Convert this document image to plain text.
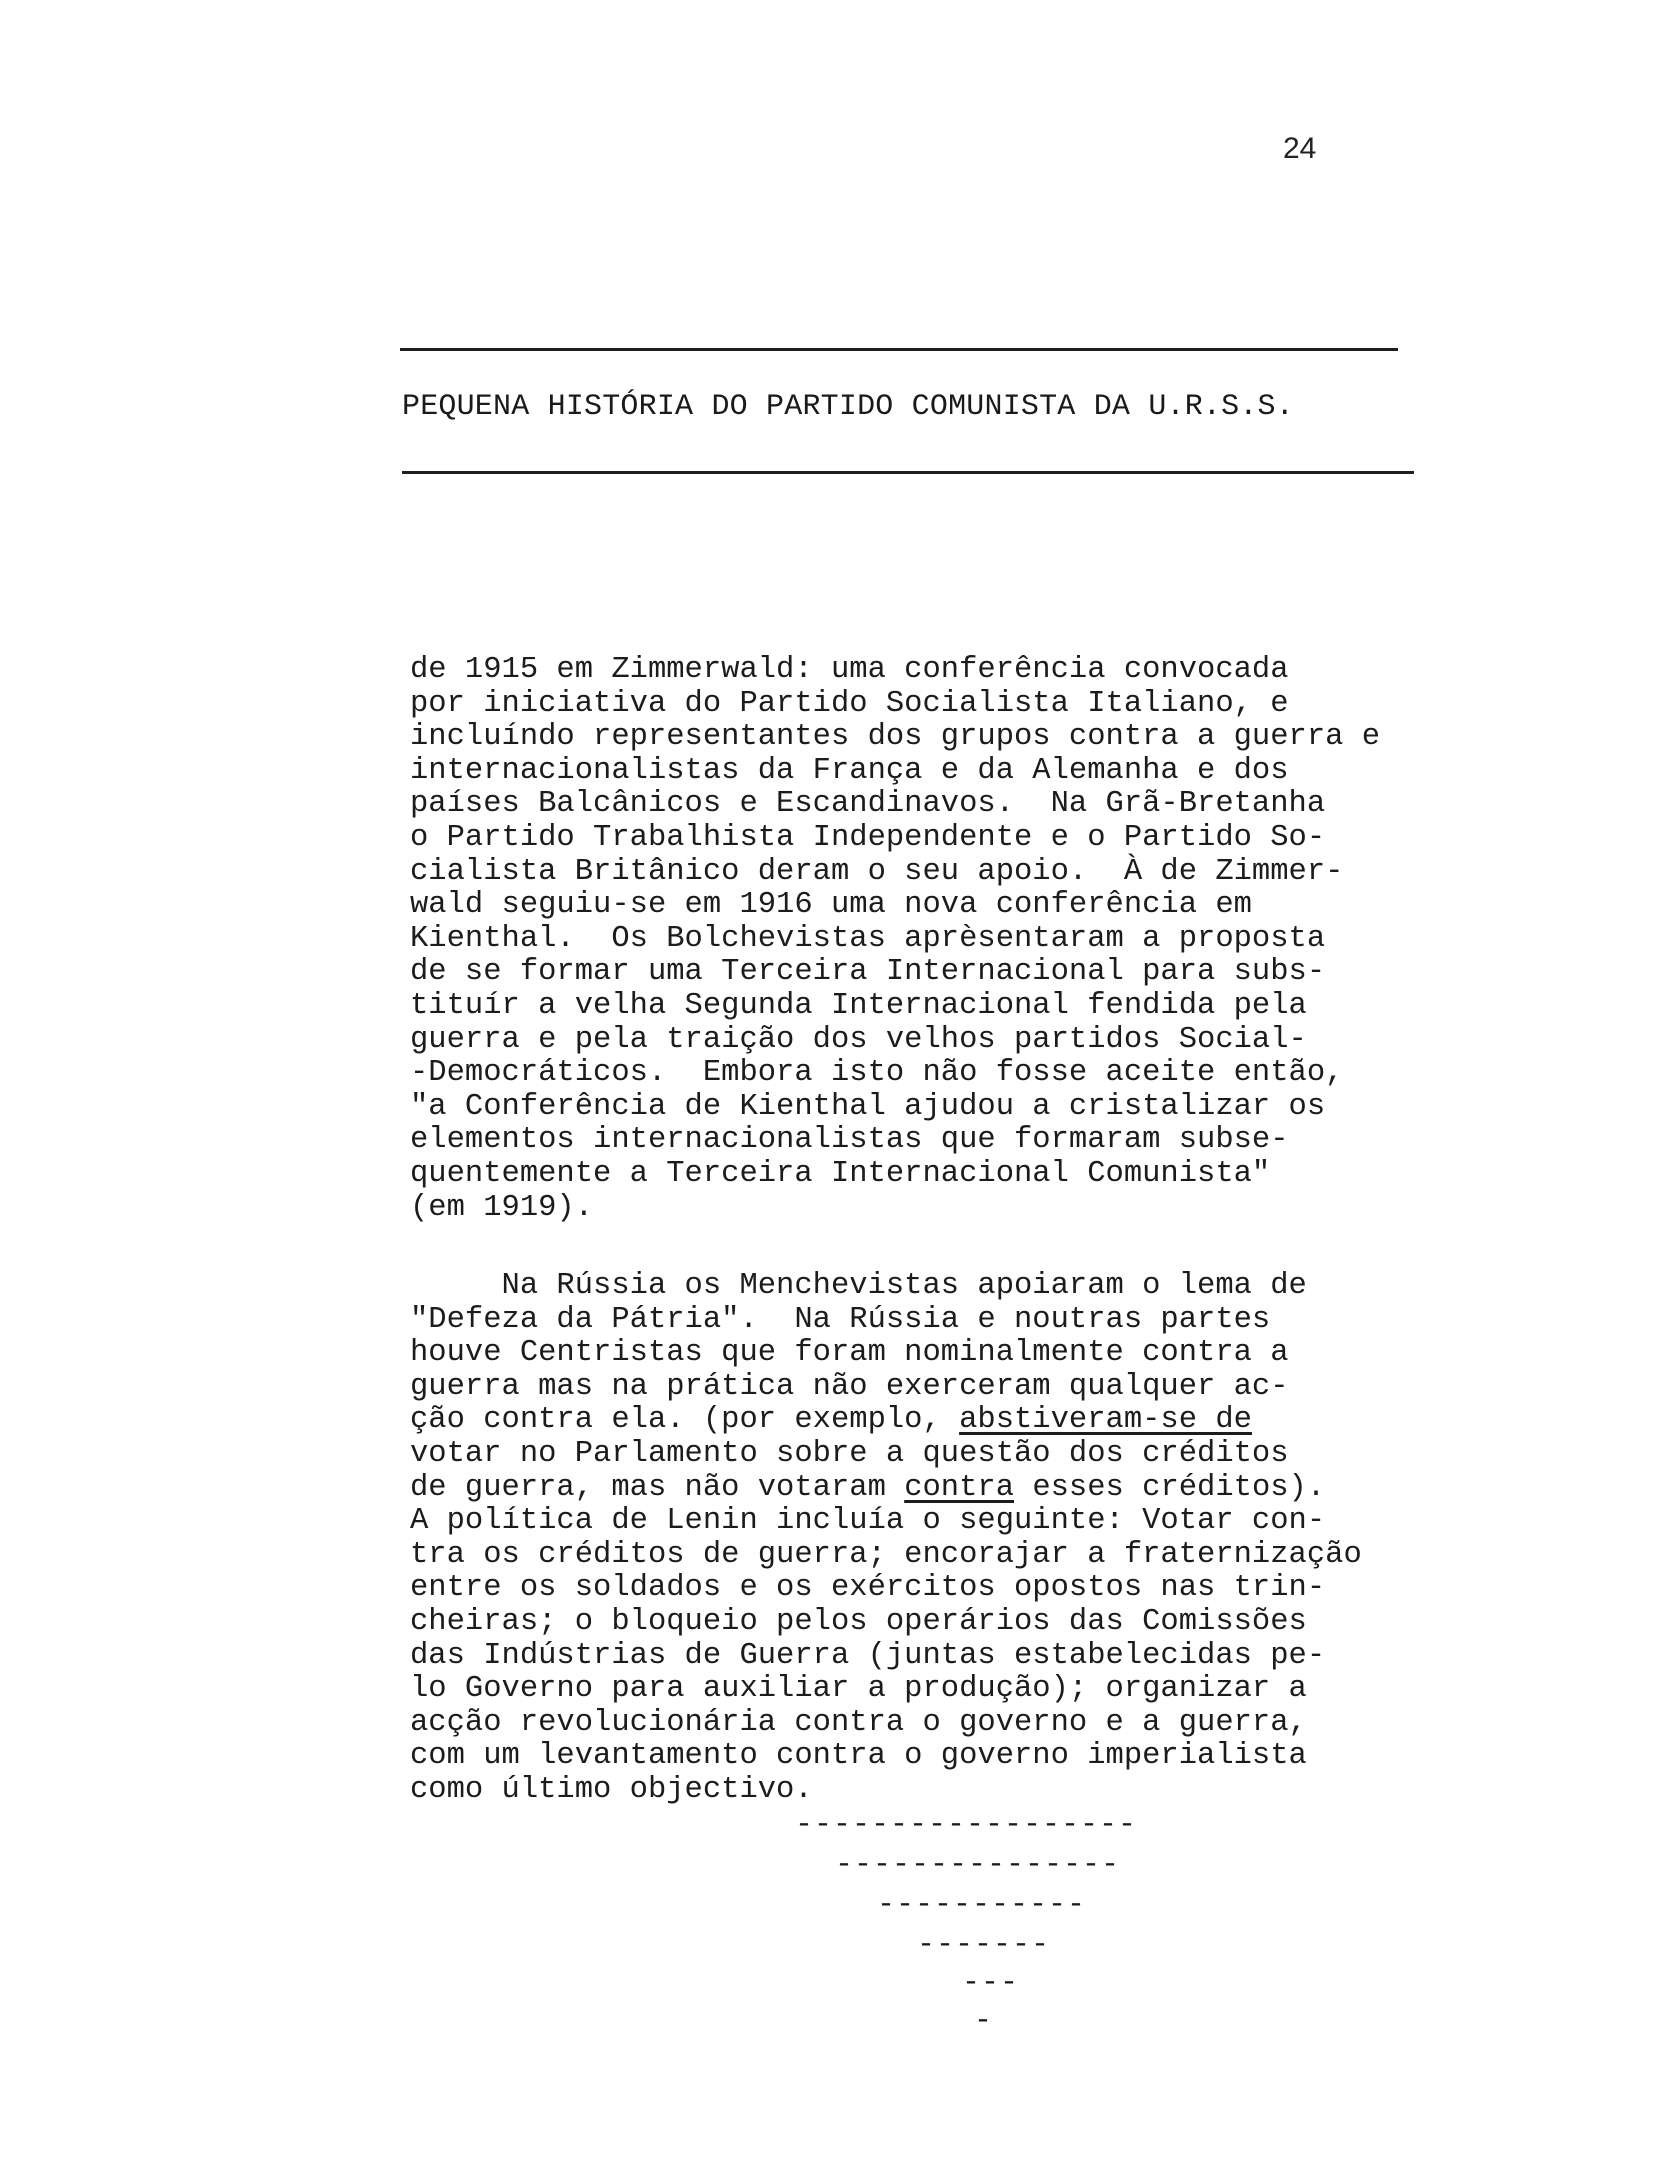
24
PEQUENA HISTÓRIA DO PARTIDO COMUNISTA DA U.R.S.S.
de 1915 em Zimmerwald: uma conferência convocada
por iniciativa do Partido Socialista Italiano, e
incluíndo representantes dos grupos contra a guerra e
internacionalistas da França e da Alemanha e dos
países Balcânicos e Escandinavos.  Na Grã-Bretanha
o Partido Trabalhista Independente e o Partido So-
cialista Britânico deram o seu apoio.  À de Zimmer-
wald seguiu-se em 1916 uma nova conferência em
Kienthal.  Os Bolchevistas aprèsentaram a proposta
de se formar uma Terceira Internacional para subs-
tituír a velha Segunda Internacional fendida pela
guerra e pela traição dos velhos partidos Social-
-Democráticos.  Embora isto não fosse aceite então,
"a Conferência de Kienthal ajudou a cristalizar os
elementos internacionalistas que formaram subse-
quentemente a Terceira Internacional Comunista"
(em 1919).
Na Rússia os Menchevistas apoiaram o lema de
"Defeza da Pátria".  Na Rússia e noutras partes
houve Centristas que foram nominalmente contra a
guerra mas na prática não exerceram qualquer ac-
ção contra ela. (por exemplo, abstiveram-se de
votar no Parlamento sobre a questão dos créditos
de guerra, mas não votaram contra esses créditos).
A política de Lenin incluía o seguinte: Votar con-
tra os créditos de guerra; encorajar a fraternização
entre os soldados e os exércitos opostos nas trin-
cheiras; o bloqueio pelos operários das Comissões
das Indústrias de Guerra (juntas estabelecidas pe-
lo Governo para auxiliar a produção); organizar a
acção revolucionária contra o governo e a guerra,
com um levantamento contra o governo imperialista
como último objectivo.
------------------
---------------
-----------
-------
---
-
